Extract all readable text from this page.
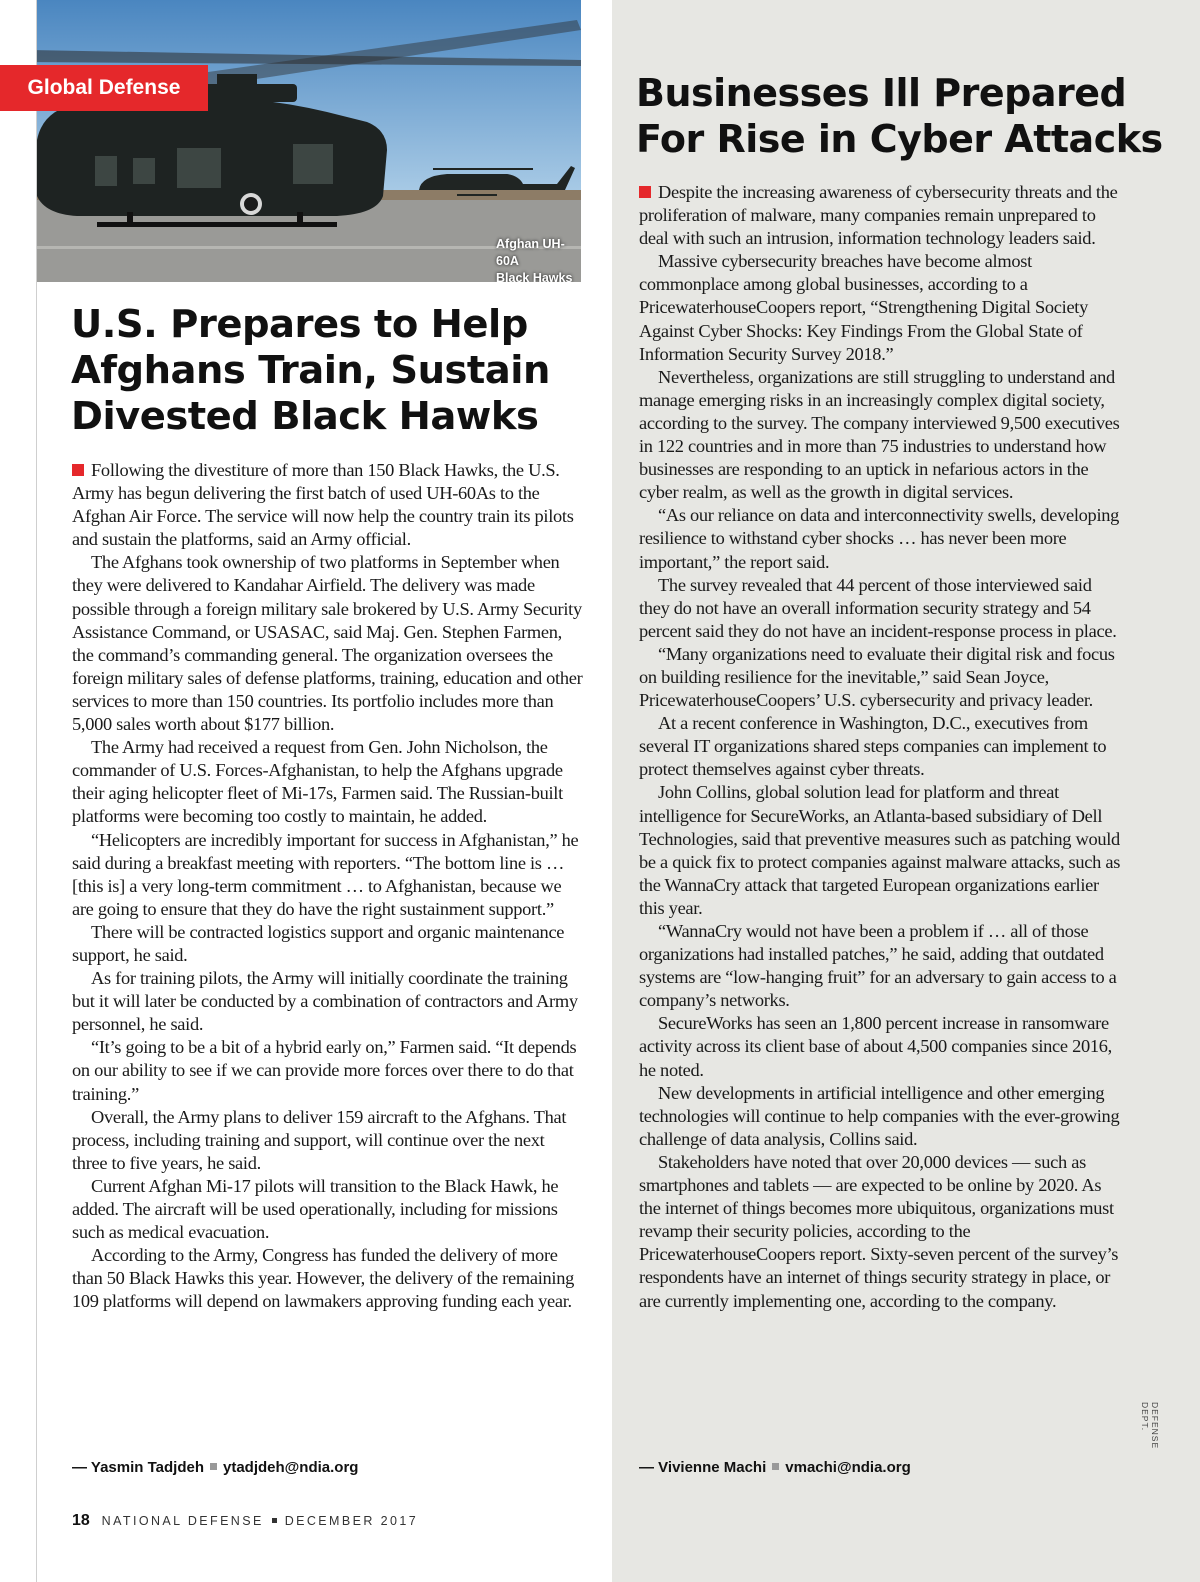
Afghan UH-60A
Black Hawks
Global Defense
U.S. Prepares to Help
Afghans Train, Sustain
Divested Black Hawks

Following the divestiture of more than 150 Black Hawks, the U.S. Army has begun delivering the first batch of used UH-60As to the Afghan Air Force. The service will now help the country train its pilots and sustain the platforms, said an Army official.

The Afghans took ownership of two platforms in September when they were delivered to Kandahar Airfield. The delivery was made possible through a foreign military sale brokered by U.S. Army Security Assistance Command, or USASAC, said Maj. Gen. Stephen Farmen, the command’s commanding general. The organization oversees the foreign military sales of defense platforms, training, education and other services to more than 150 countries. Its portfolio includes more than 5,000 sales worth about $177 billion.

The Army had received a request from Gen. John Nicholson, the commander of U.S. Forces-Afghanistan, to help the Afghans upgrade their aging helicopter fleet of Mi-17s, Farmen said. The Russian-built platforms were becoming too costly to maintain, he added.

“Helicopters are incredibly important for success in Afghanistan,” he said during a breakfast meeting with reporters. “The bottom line is … [this is] a very long-term commitment … to Afghanistan, because we are going to ensure that they do have the right sustainment support.”

There will be contracted logistics support and organic maintenance support, he said.

As for training pilots, the Army will initially coordinate the training but it will later be conducted by a combination of contractors and Army personnel, he said.

“It’s going to be a bit of a hybrid early on,” Farmen said. “It depends on our ability to see if we can provide more forces over there to do that training.”

Overall, the Army plans to deliver 159 aircraft to the Afghans. That process, including training and support, will continue over the next three to five years, he said.

Current Afghan Mi-17 pilots will transition to the Black Hawk, he added. The aircraft will be used operationally, including for missions such as medical evacuation.

According to the Army, Congress has funded the delivery of more than 50 Black Hawks this year. However, the delivery of the remaining 109 platforms will depend on lawmakers approving funding each year.

— Yasmin Tadjdeh ytadjdeh@ndia.org
Businesses Ill Prepared
For Rise in Cyber Attacks

Despite the increasing awareness of cybersecurity threats and the proliferation of malware, many companies remain unprepared to deal with such an intrusion, information technology leaders said.

Massive cybersecurity breaches have become almost commonplace among global businesses, according to a PricewaterhouseCoopers report, “Strengthening Digital Society Against Cyber Shocks: Key Findings From the Global State of Information Security Survey 2018.”

Nevertheless, organizations are still struggling to understand and manage emerging risks in an increasingly complex digital society, according to the survey. The company interviewed 9,500 executives in 122 countries and in more than 75 industries to understand how businesses are responding to an uptick in nefarious actors in the cyber realm, as well as the growth in digital services.

“As our reliance on data and interconnectivity swells, developing resilience to withstand cyber shocks … has never been more important,” the report said.

The survey revealed that 44 percent of those interviewed said they do not have an overall information security strategy and 54 percent said they do not have an incident-response process in place.

“Many organizations need to evaluate their digital risk and focus on building resilience for the inevitable,” said Sean Joyce, PricewaterhouseCoopers’ U.S. cybersecurity and privacy leader.

At a recent conference in Washington, D.C., executives from several IT organizations shared steps companies can implement to protect themselves against cyber threats.

John Collins, global solution lead for platform and threat intelligence for SecureWorks, an Atlanta-based subsidiary of Dell Technologies, said that preventive measures such as patching would be a quick fix to protect companies against malware attacks, such as the WannaCry attack that targeted European organizations earlier this year.

“WannaCry would not have been a problem if … all of those organizations had installed patches,” he said, adding that outdated systems are “low-hanging fruit” for an adversary to gain access to a company’s networks.

SecureWorks has seen an 1,800 percent increase in ransomware activity across its client base of about 4,500 companies since 2016, he noted.

New developments in artificial intelligence and other emerging technologies will continue to help companies with the ever-growing challenge of data analysis, Collins said.

Stakeholders have noted that over 20,000 devices — such as smartphones and tablets — are expected to be online by 2020. As the internet of things becomes more ubiquitous, organizations must revamp their security policies, according to the PricewaterhouseCoopers report. Sixty-seven percent of the survey’s respondents have an internet of things security strategy in place, or are currently implementing one, according to the company.

— Vivienne Machi vmachi@ndia.org
18 NATIONAL DEFENSE DECEMBER 2017
DEFENSE DEPT.
